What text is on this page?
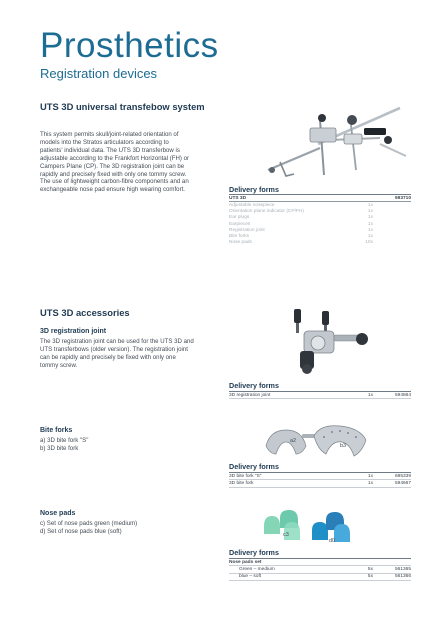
Prosthetics
Registration devices
UTS 3D universal transfebow system
This system permits skull/joint-related orientation of
models into the Stratos articulators according to
patients' individual data. The UTS 3D transferbow is
adjustable according to the Frankfort Horizontal (FH) or
Campers Plane (CP). The 3D registration joint can be
rapidly and precisely fixed with only one tommy screw.
The use of lightweight carbon-fibre components and an
exchangeable nose pad ensure high wearing comfort.	Delivery forms
UTS 3D	593710
Adjustable nosepiece	1x
Orientation plane indicator (CP/FH)	1x
Ear plugs	1x
Earpieces	1x
Registration joint	1x
Bite forks	1x
Nose pads	10x
UTS 3D accessories
3D registration joint
The 3D registration joint can be used for the UTS 3D and
UTS transferbows (older version). The registration joint
can be rapidly and precisely be fixed with only one
tommy screw.
Delivery forms
3D registration joint	1x	594864
Bite forks
a) 3D bite fork "S"
b) 3D bite fork
a2
b3
Delivery forms
3D bite fork "S"	1x	685339
3D bite fork	1x	594667
Nose pads
c) Set of nose pads green (medium)
d) Set of nose pads blue (soft)
c3
d0
Delivery forms
Nose pads set
Green – medium	5x	561365
blue – soft	5x	561366
